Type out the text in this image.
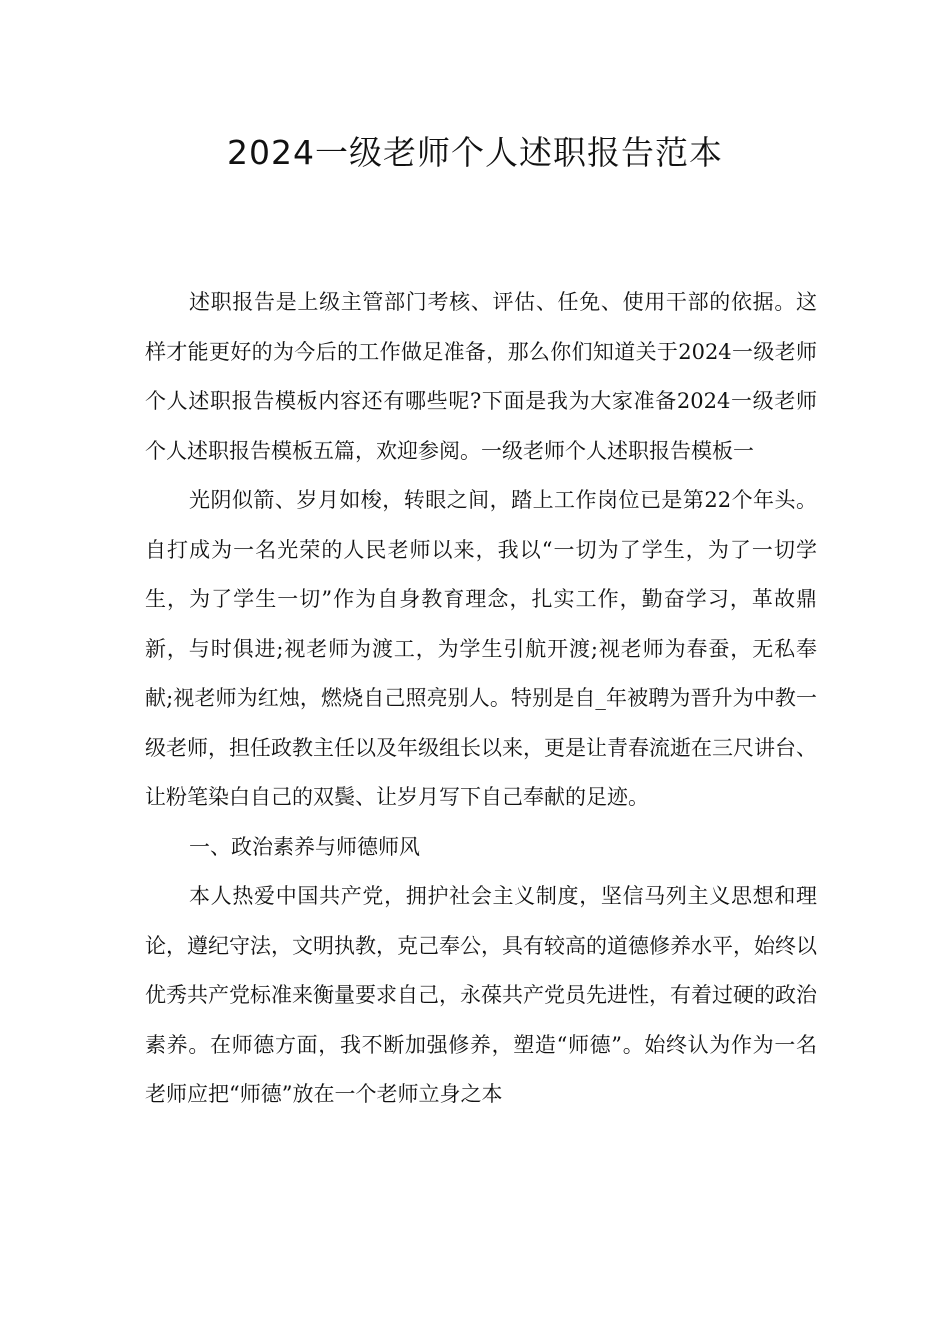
2024一级老师个人述职报告范本

述职报告是上级主管部门考核、评估、任免、使用干部的依据。这样才能更好的为今后的工作做足准备，那么你们知道关于2024一级老师个人述职报告模板内容还有哪些呢?下面是我为大家准备2024一级老师个人述职报告模板五篇，欢迎参阅。一级老师个人述职报告模板一

光阴似箭、岁月如梭，转眼之间，踏上工作岗位已是第22个年头。自打成为一名光荣的人民老师以来，我以“一切为了学生，为了一切学生，为了学生一切”作为自身教育理念，扎实工作，勤奋学习，革故鼎新，与时俱进;视老师为渡工，为学生引航开渡;视老师为春蚕，无私奉献;视老师为红烛，燃烧自己照亮别人。特别是自_年被聘为晋升为中教一级老师，担任政教主任以及年级组长以来，更是让青春流逝在三尺讲台、让粉笔染白自己的双鬓、让岁月写下自己奉献的足迹。

一、政治素养与师德师风

本人热爱中国共产党，拥护社会主义制度，坚信马列主义思想和理论，遵纪守法，文明执教，克己奉公，具有较高的道德修养水平，始终以优秀共产党标准来衡量要求自己，永葆共产党员先进性，有着过硬的政治素养。在师德方面，我不断加强修养，塑造“师德”。始终认为作为一名老师应把“师德”放在一个老师立身之本
